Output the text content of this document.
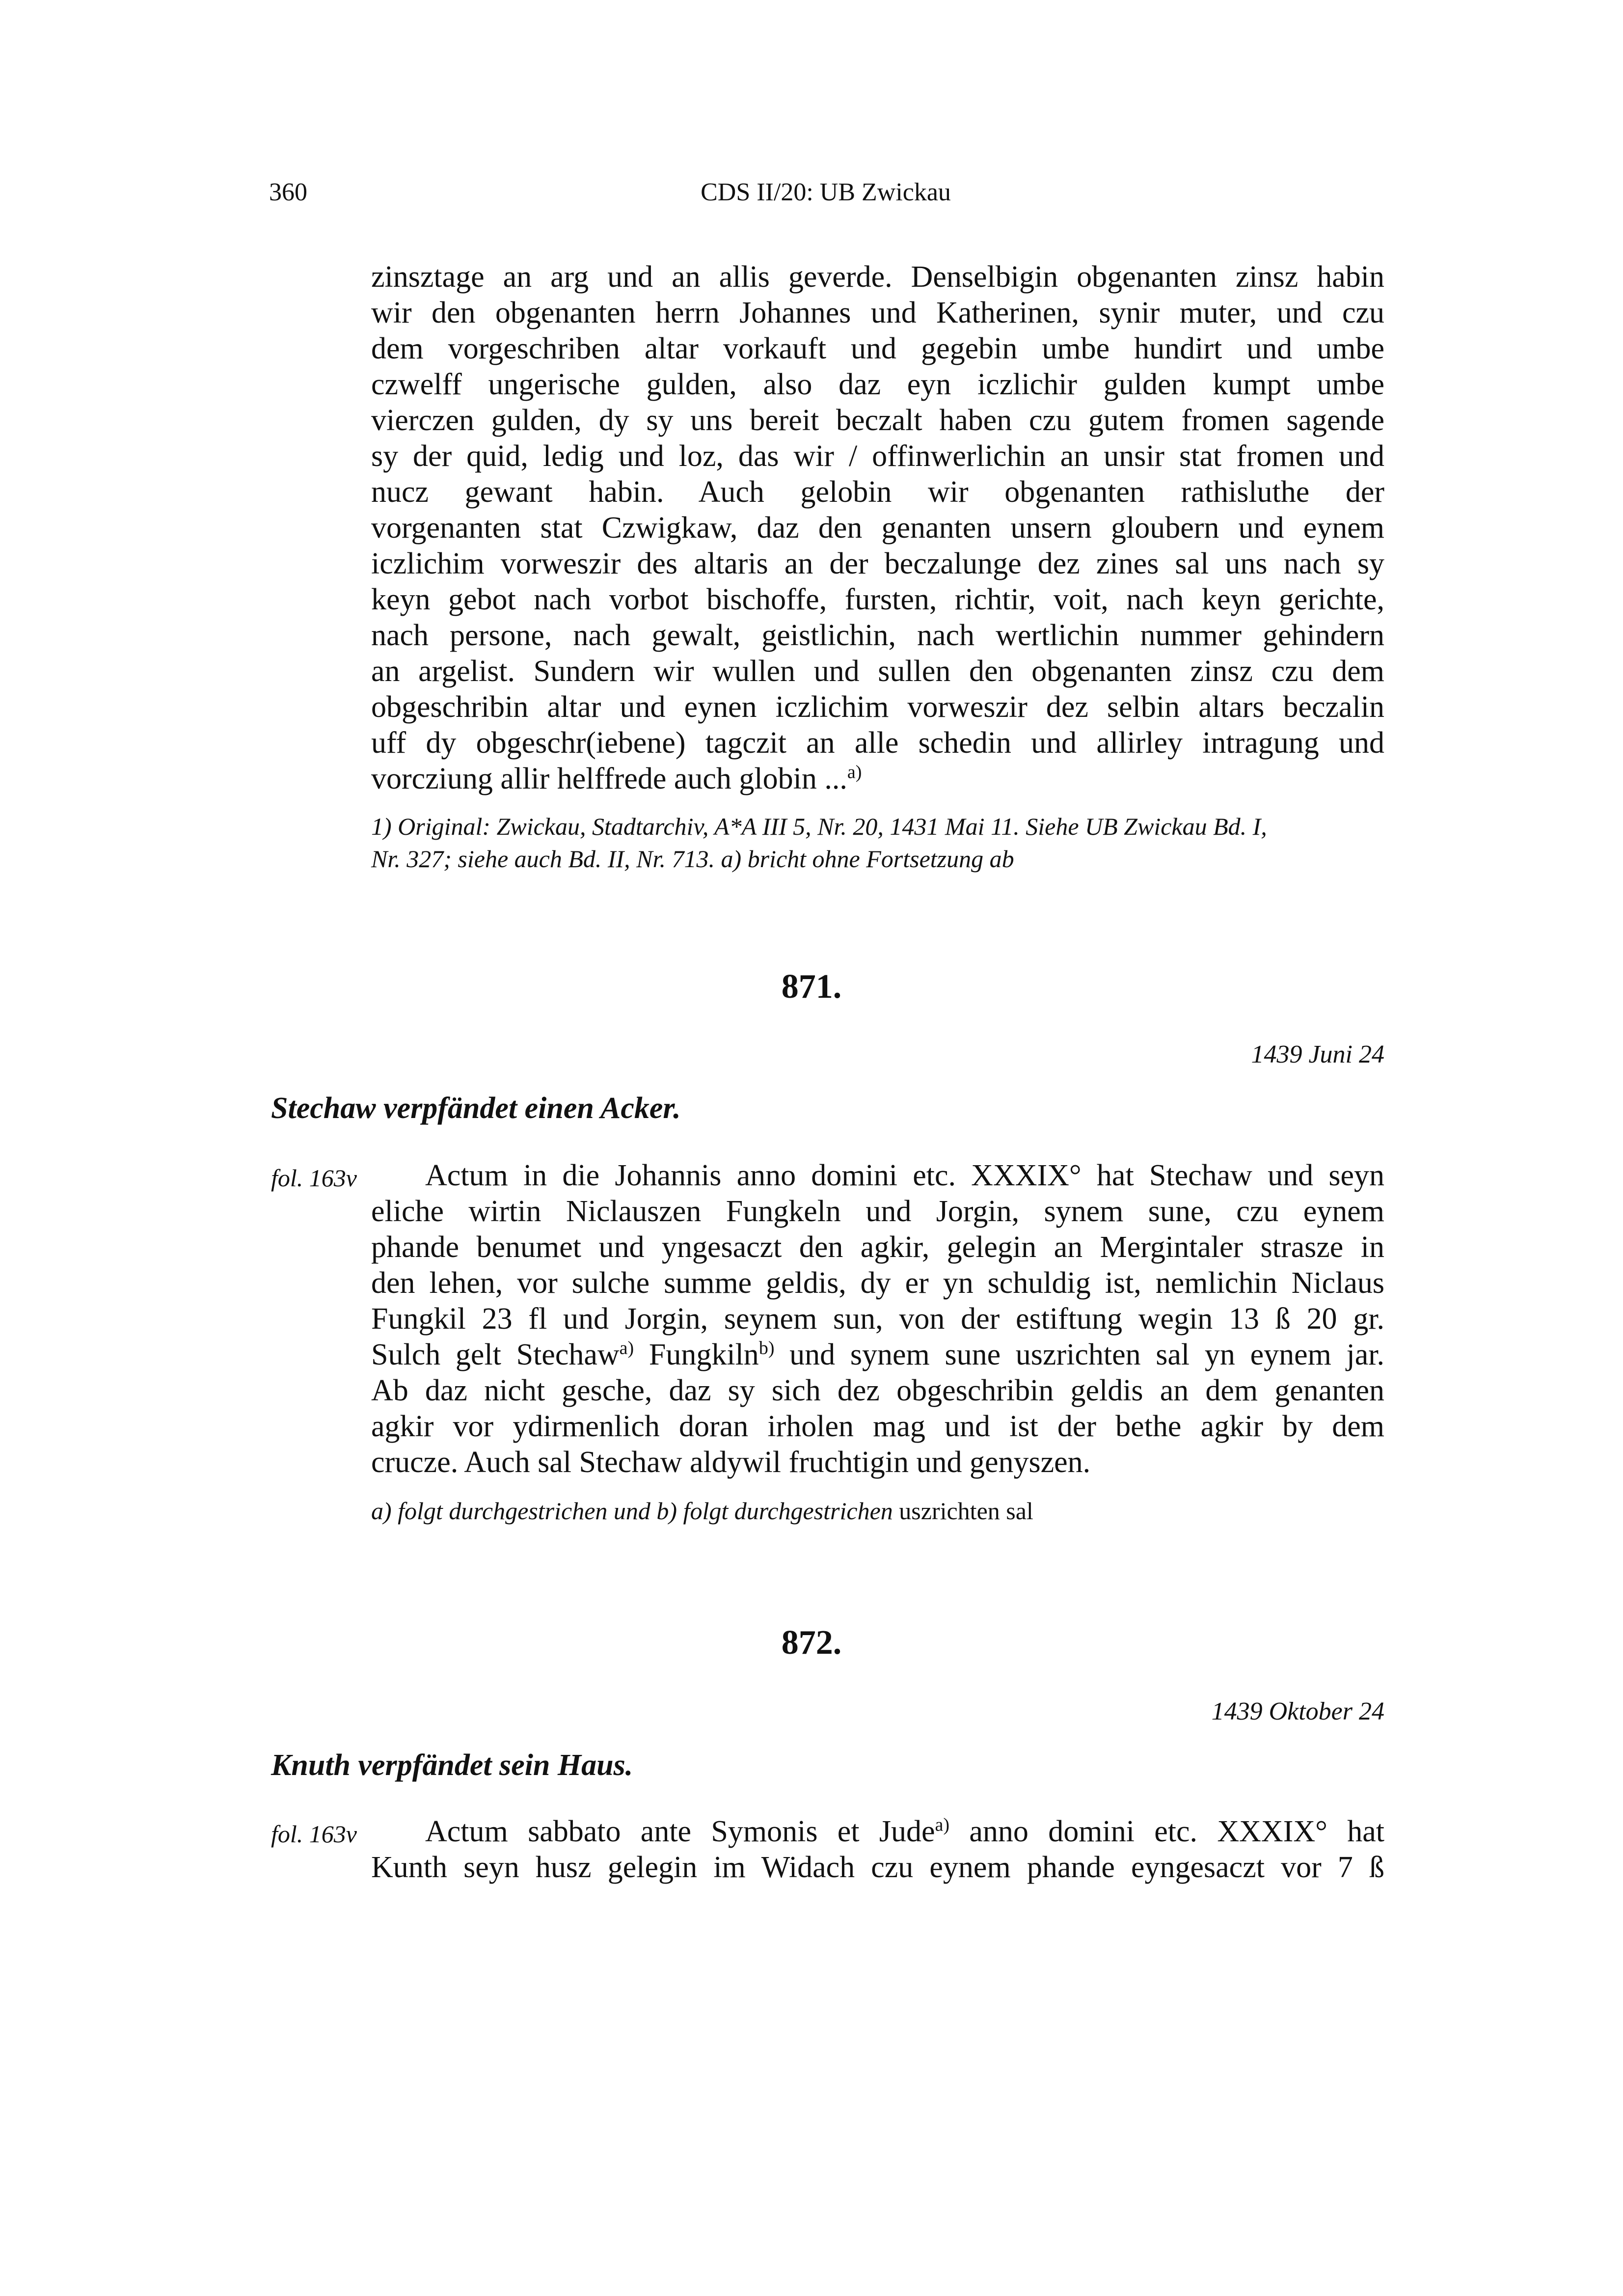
360	CDS II/20: UB Zwickau
zinsztage an arg und an allis geverde. Denselbigin obgenanten zinsz habin
wir den obgenanten herrn Johannes und Katherinen, synir muter, und czu
dem vorgeschriben altar vorkauft und gegebin umbe hundirt und umbe
czwelff ungerische gulden, also daz eyn iczlichir gulden kumpt umbe
vierczen gulden, dy sy uns bereit beczalt haben czu gutem fromen sagende
sy der quid, ledig und loz, das wir / offinwerlichin an unsir stat fromen und
nucz gewant habin. Auch gelobin wir obgenanten rathisluthe der
vorgenanten stat Czwigkaw, daz den genanten unsern gloubern und eynem
iczlichim vorweszir des altaris an der beczalunge dez zines sal uns nach sy
keyn gebot nach vorbot bischoffe, fursten, richtir, voit, nach keyn gerichte,
nach persone, nach gewalt, geistlichin, nach wertlichin nummer gehindern
an argelist. Sundern wir wullen und sullen den obgenanten zinsz czu dem
obgeschribin altar und eynen iczlichim vorweszir dez selbin altars beczalin
uff dy obgeschr(iebene) tagczit an alle schedin und allirley intragung und
vorcziung allir helffrede auch globin ...$^{a)}$
1) Original: Zwickau, Stadtarchiv, A*A III 5, Nr. 20, 1431 Mai 11. Siehe UB Zwickau Bd. I,
Nr. 327; siehe auch Bd. II, Nr. 713. a) bricht ohne Fortsetzung ab
871.
1439 Juni 24
Stechaw verpfändet einen Acker.
fol. 163v	Actum in die Johannis anno domini etc. XXXIX° hat Stechaw und seyn
eliche wirtin Niclauszen Fungkeln und Jorgin, synem sune, czu eynem
phande benumet und yngesaczt den agkir, gelegin an Mergintaler strasze in
den lehen, vor sulche summe geldis, dy er yn schuldig ist, nemlichin Niclaus
Fungkil 23 fl und Jorgin, seynem sun, von der estiftung wegin 13 ß 20 gr.
Sulch gelt Stechaw$^{a)}$ Fungkiln$^{b)}$ und synem sune uszrichten sal yn eynem jar.
Ab daz nicht gesche, daz sy sich dez obgeschribin geldis an dem genanten
agkir vor ydirmenlich doran irholen mag und ist der bethe agkir by dem
crucze. Auch sal Stechaw aldywil fruchtigin und genyszen.
a) folgt durchgestrichen und b) folgt durchgestrichen uszrichten sal
872.
1439 Oktober 24
Knuth verpfändet sein Haus.
fol. 163v	Actum sabbato ante Symonis et Jude$^{a)}$ anno domini etc. XXXIX° hat
Kunth seyn husz gelegin im Widach czu eynem phande eyngesaczt vor 7 ß
